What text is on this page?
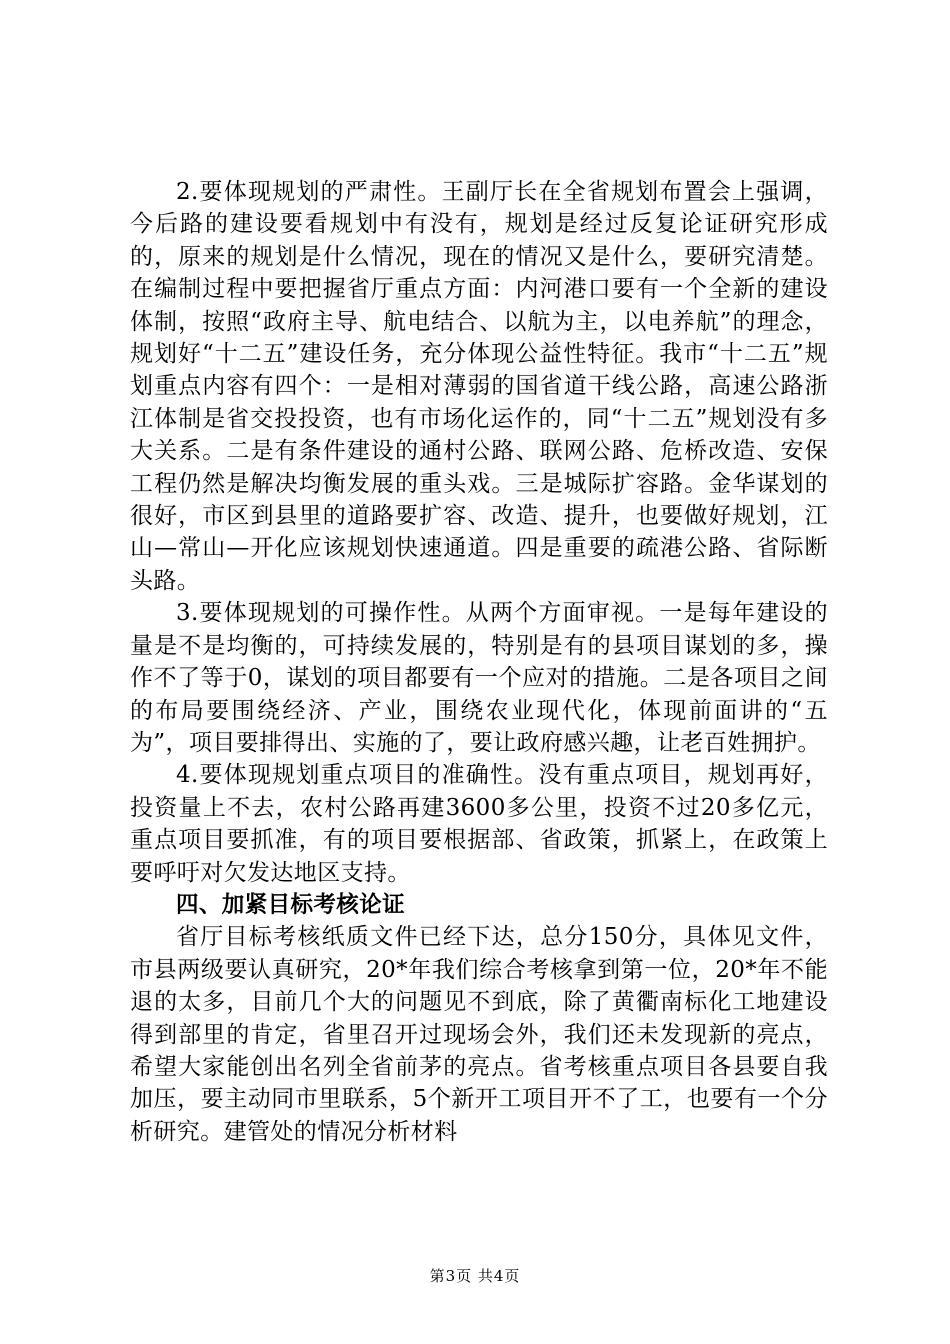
2.要体现规划的严肃性。王副厅长在全省规划布置会上强调，今后路的建设要看规划中有没有，规划是经过反复论证研究形成的，原来的规划是什么情况，现在的情况又是什么，要研究清楚。在编制过程中要把握省厅重点方面：内河港口要有一个全新的建设体制，按照“政府主导、航电结合、以航为主，以电养航”的理念，规划好“十二五”建设任务，充分体现公益性特征。我市“十二五”规划重点内容有四个：一是相对薄弱的国省道干线公路，高速公路浙江体制是省交投投资，也有市场化运作的，同“十二五”规划没有多大关系。二是有条件建设的通村公路、联网公路、危桥改造、安保工程仍然是解决均衡发展的重头戏。三是城际扩容路。金华谋划的很好，市区到县里的道路要扩容、改造、提升，也要做好规划，江山—常山—开化应该规划快速通道。四是重要的疏港公路、省际断头路。

3.要体现规划的可操作性。从两个方面审视。一是每年建设的量是不是均衡的，可持续发展的，特别是有的县项目谋划的多，操作不了等于0，谋划的项目都要有一个应对的措施。二是各项目之间的布局要围绕经济、产业，围绕农业现代化，体现前面讲的“五为”，项目要排得出、实施的了，要让政府感兴趣，让老百姓拥护。

4.要体现规划重点项目的准确性。没有重点项目，规划再好，投资量上不去，农村公路再建3600多公里，投资不过20多亿元，重点项目要抓准，有的项目要根据部、省政策，抓紧上，在政策上要呼吁对欠发达地区支持。

四、加紧目标考核论证

省厅目标考核纸质文件已经下达，总分150分，具体见文件，市县两级要认真研究，20*年我们综合考核拿到第一位，20*年不能退的太多，目前几个大的问题见不到底，除了黄衢南标化工地建设得到部里的肯定，省里召开过现场会外，我们还未发现新的亮点，希望大家能创出名列全省前茅的亮点。省考核重点项目各县要自我加压，要主动同市里联系，5个新开工项目开不了工，也要有一个分析研究。建管处的情况分析材料

第3页 共4页
